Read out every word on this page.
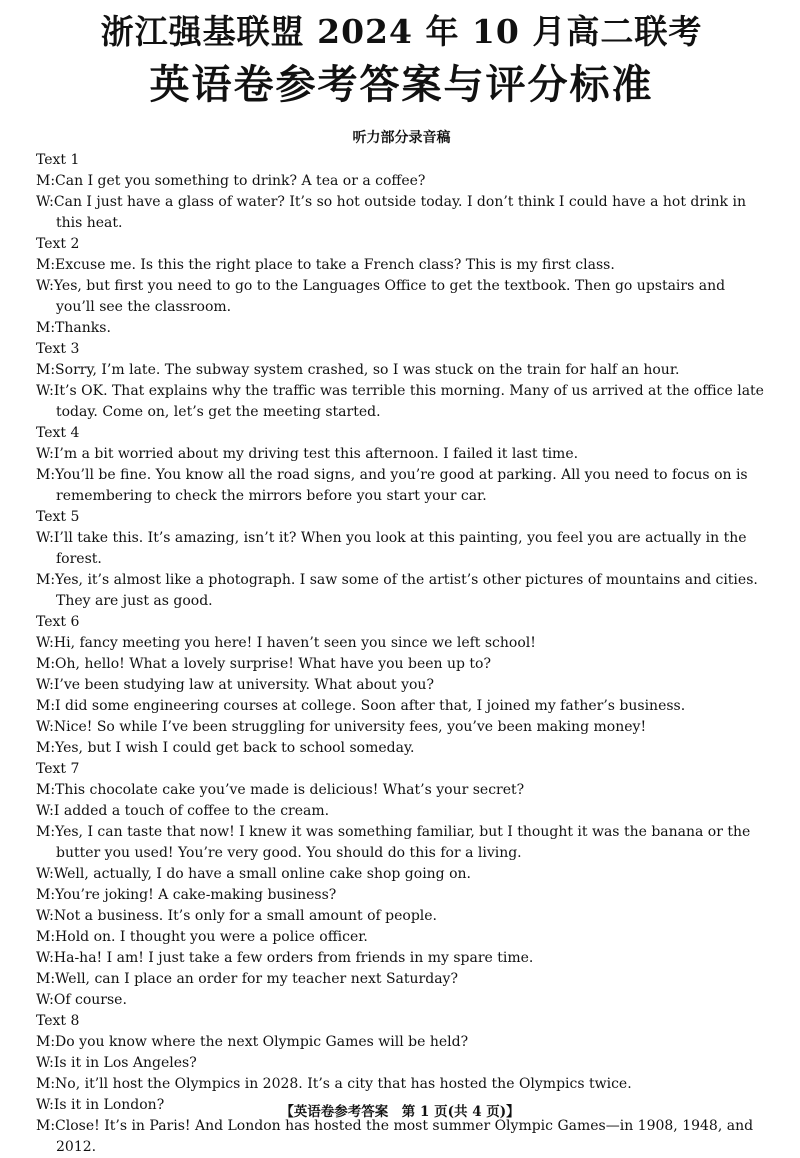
浙江强基联盟 2024 年 10 月高二联考
英语卷参考答案与评分标准
听力部分录音稿

Text 1

M:Can I get you something to drink? A tea or a coffee?

W:Can I just have a glass of water? It’s so hot outside today. I don’t think I could have a hot drink in this heat.

Text 2

M:Excuse me. Is this the right place to take a French class? This is my first class.

W:Yes, but first you need to go to the Languages Office to get the textbook. Then go upstairs and you’ll see the classroom.

M:Thanks.

Text 3

M:Sorry, I’m late. The subway system crashed, so I was stuck on the train for half an hour.

W:It’s OK. That explains why the traffic was terrible this morning. Many of us arrived at the office late today. Come on, let’s get the meeting started.

Text 4

W:I’m a bit worried about my driving test this afternoon. I failed it last time.

M:You’ll be fine. You know all the road signs, and you’re good at parking. All you need to focus on is remembering to check the mirrors before you start your car.

Text 5

W:I’ll take this. It’s amazing, isn’t it? When you look at this painting, you feel you are actually in the forest.

M:Yes, it’s almost like a photograph. I saw some of the artist’s other pictures of mountains and cities. They are just as good.

Text 6

W:Hi, fancy meeting you here! I haven’t seen you since we left school!

M:Oh, hello! What a lovely surprise! What have you been up to?

W:I’ve been studying law at university. What about you?

M:I did some engineering courses at college. Soon after that, I joined my father’s business.

W:Nice! So while I’ve been struggling for university fees, you’ve been making money!

M:Yes, but I wish I could get back to school someday.

Text 7

M:This chocolate cake you’ve made is delicious! What’s your secret?

W:I added a touch of coffee to the cream.

M:Yes, I can taste that now! I knew it was something familiar, but I thought it was the banana or the butter you used! You’re very good. You should do this for a living.

W:Well, actually, I do have a small online cake shop going on.

M:You’re joking! A cake-making business?

W:Not a business. It’s only for a small amount of people.

M:Hold on. I thought you were a police officer.

W:Ha-ha! I am! I just take a few orders from friends in my spare time.

M:Well, can I place an order for my teacher next Saturday?

W:Of course.

Text 8

M:Do you know where the next Olympic Games will be held?

W:Is it in Los Angeles?

M:No, it’ll host the Olympics in 2028. It’s a city that has hosted the Olympics twice.

W:Is it in London?

M:Close! It’s in Paris! And London has hosted the most summer Olympic Games—in 1908, 1948, and 2012.

【英语卷参考答案　第 1 页(共 4 页)】
